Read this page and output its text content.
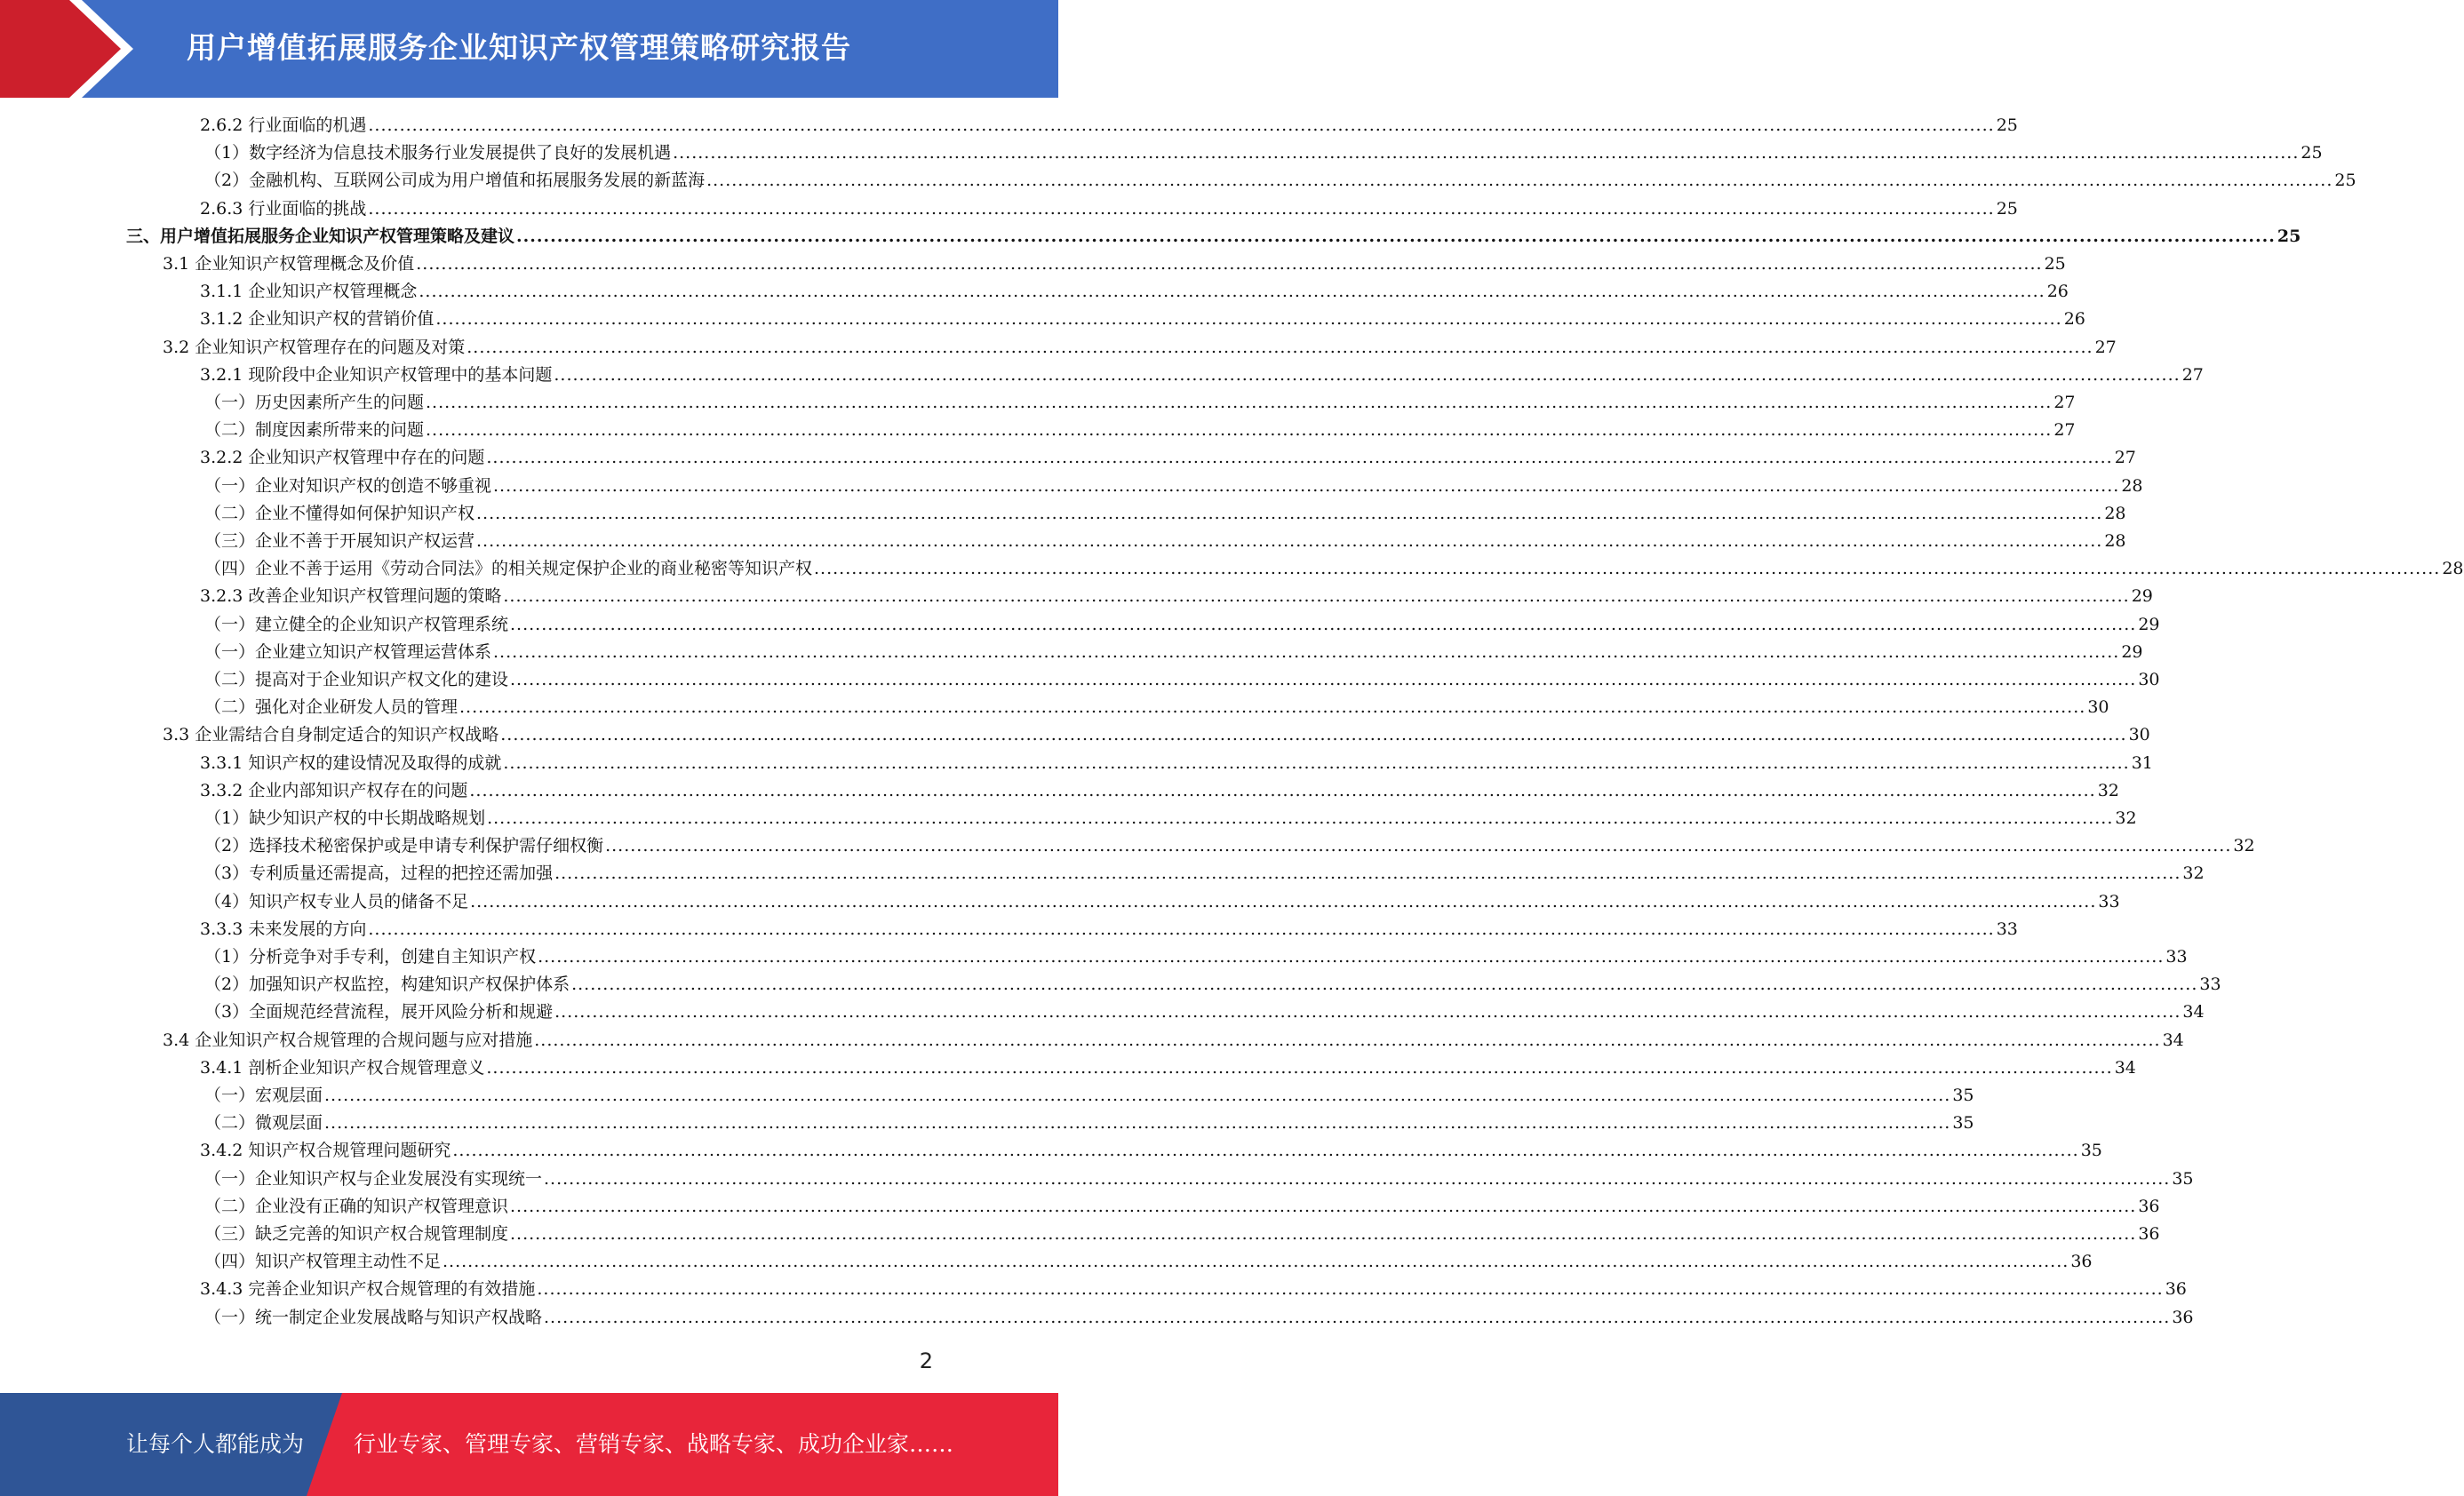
用户增值拓展服务企业知识产权管理策略研究报告
2.6.2 行业面临的机遇 .................................................................................................................................................................................................................................................................... 25
（1）数字经济为信息技术服务行业发展提供了良好的发展机遇 .................................................................................................................................................................................................................................................................... 25
（2）金融机构、互联网公司成为用户增值和拓展服务发展的新蓝海 .................................................................................................................................................................................................................................................................... 25
2.6.3 行业面临的挑战 .................................................................................................................................................................................................................................................................... 25
三、用户增值拓展服务企业知识产权管理策略及建议 .................................................................................................................................................................................................................................................................... 25
3.1 企业知识产权管理概念及价值 .................................................................................................................................................................................................................................................................... 25
3.1.1 企业知识产权管理概念 .................................................................................................................................................................................................................................................................... 26
3.1.2 企业知识产权的营销价值 .................................................................................................................................................................................................................................................................... 26
3.2 企业知识产权管理存在的问题及对策 .................................................................................................................................................................................................................................................................... 27
3.2.1 现阶段中企业知识产权管理中的基本问题 .................................................................................................................................................................................................................................................................... 27
（一）历史因素所产生的问题 .................................................................................................................................................................................................................................................................... 27
（二）制度因素所带来的问题 .................................................................................................................................................................................................................................................................... 27
3.2.2 企业知识产权管理中存在的问题 .................................................................................................................................................................................................................................................................... 27
（一）企业对知识产权的创造不够重视 .................................................................................................................................................................................................................................................................... 28
（二）企业不懂得如何保护知识产权 .................................................................................................................................................................................................................................................................... 28
（三）企业不善于开展知识产权运营 .................................................................................................................................................................................................................................................................... 28
（四）企业不善于运用《劳动合同法》的相关规定保护企业的商业秘密等知识产权 .................................................................................................................................................................................................................................................................... 28
3.2.3 改善企业知识产权管理问题的策略 .................................................................................................................................................................................................................................................................... 29
（一）建立健全的企业知识产权管理系统 .................................................................................................................................................................................................................................................................... 29
（一）企业建立知识产权管理运营体系 .................................................................................................................................................................................................................................................................... 29
（二）提高对于企业知识产权文化的建设 .................................................................................................................................................................................................................................................................... 30
（二）强化对企业研发人员的管理 .................................................................................................................................................................................................................................................................... 30
3.3 企业需结合自身制定适合的知识产权战略 .................................................................................................................................................................................................................................................................... 30
3.3.1 知识产权的建设情况及取得的成就 .................................................................................................................................................................................................................................................................... 31
3.3.2 企业内部知识产权存在的问题 .................................................................................................................................................................................................................................................................... 32
（1）缺少知识产权的中长期战略规划 .................................................................................................................................................................................................................................................................... 32
（2）选择技术秘密保护或是申请专利保护需仔细权衡 .................................................................................................................................................................................................................................................................... 32
（3）专利质量还需提高，过程的把控还需加强 .................................................................................................................................................................................................................................................................... 32
（4）知识产权专业人员的储备不足 .................................................................................................................................................................................................................................................................... 33
3.3.3 未来发展的方向 .................................................................................................................................................................................................................................................................... 33
（1）分析竞争对手专利，创建自主知识产权 .................................................................................................................................................................................................................................................................... 33
（2）加强知识产权监控，构建知识产权保护体系 .................................................................................................................................................................................................................................................................... 33
（3）全面规范经营流程，展开风险分析和规避 .................................................................................................................................................................................................................................................................... 34
3.4 企业知识产权合规管理的合规问题与应对措施 .................................................................................................................................................................................................................................................................... 34
3.4.1 剖析企业知识产权合规管理意义 .................................................................................................................................................................................................................................................................... 34
（一）宏观层面 .................................................................................................................................................................................................................................................................... 35
（二）微观层面 .................................................................................................................................................................................................................................................................... 35
3.4.2 知识产权合规管理问题研究 .................................................................................................................................................................................................................................................................... 35
（一）企业知识产权与企业发展没有实现统一 .................................................................................................................................................................................................................................................................... 35
（二）企业没有正确的知识产权管理意识 .................................................................................................................................................................................................................................................................... 36
（三）缺乏完善的知识产权合规管理制度 .................................................................................................................................................................................................................................................................... 36
（四）知识产权管理主动性不足 .................................................................................................................................................................................................................................................................... 36
3.4.3 完善企业知识产权合规管理的有效措施 .................................................................................................................................................................................................................................................................... 36
（一）统一制定企业发展战略与知识产权战略 .................................................................................................................................................................................................................................................................... 36
2
让每个人都能成为 行业专家、管理专家、营销专家、战略专家、成功企业家……
